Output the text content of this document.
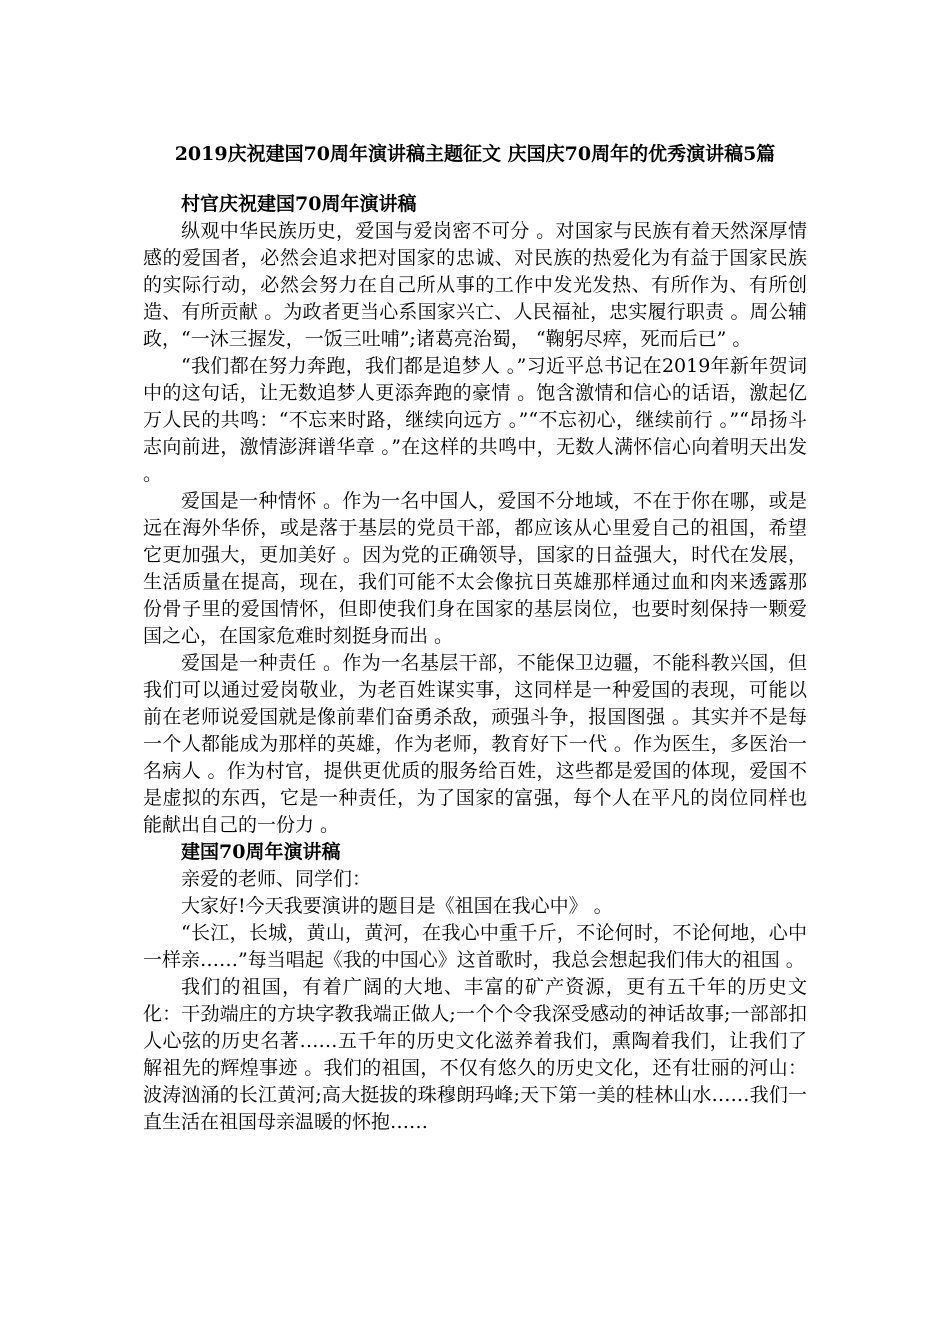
2019庆祝建国70周年演讲稿主题征文 庆国庆70周年的优秀演讲稿5篇
村官庆祝建国70周年演讲稿

纵观中华民族历史，爱国与爱岗密不可分 。对国家与民族有着天然深厚情感的爱国者，必然会追求把对国家的忠诚、对民族的热爱化为有益于国家民族的实际行动，必然会努力在自己所从事的工作中发光发热、有所作为、有所创造、有所贡献 。为政者更当心系国家兴亡、人民福祉，忠实履行职责 。周公辅政，“一沐三握发，一饭三吐哺”;诸葛亮治蜀， “鞠躬尽瘁，死而后已” 。

“我们都在努力奔跑，我们都是追梦人 。”习近平总书记在2019年新年贺词中的这句话，让无数追梦人更添奔跑的豪情 。饱含激情和信心的话语，激起亿万人民的共鸣：“不忘来时路，继续向远方 。”“不忘初心，继续前行 。”“昂扬斗志向前进，激情澎湃谱华章 。”在这样的共鸣中，无数人满怀信心向着明天出发 。

爱国是一种情怀 。作为一名中国人，爱国不分地域，不在于你在哪，或是远在海外华侨，或是落于基层的党员干部，都应该从心里爱自己的祖国，希望它更加强大，更加美好 。因为党的正确领导，国家的日益强大，时代在发展，生活质量在提高，现在，我们可能不太会像抗日英雄那样通过血和肉来透露那份骨子里的爱国情怀，但即使我们身在国家的基层岗位，也要时刻保持一颗爱国之心，在国家危难时刻挺身而出 。

爱国是一种责任 。作为一名基层干部，不能保卫边疆，不能科教兴国，但我们可以通过爱岗敬业，为老百姓谋实事，这同样是一种爱国的表现，可能以前在老师说爱国就是像前辈们奋勇杀敌，顽强斗争，报国图强 。其实并不是每一个人都能成为那样的英雄，作为老师，教育好下一代 。作为医生，多医治一名病人 。作为村官，提供更优质的服务给百姓，这些都是爱国的体现，爱国不是虚拟的东西，它是一种责任，为了国家的富强，每个人在平凡的岗位同样也能献出自己的一份力 。

建国70周年演讲稿

亲爱的老师、同学们：

大家好!今天我要演讲的题目是《祖国在我心中》 。

“长江，长城，黄山，黄河，在我心中重千斤，不论何时，不论何地，心中一样亲……”每当唱起《我的中国心》这首歌时，我总会想起我们伟大的祖国 。

我们的祖国，有着广阔的大地、丰富的矿产资源，更有五千年的历史文化：干劲端庄的方块字教我端正做人;一个个令我深受感动的神话故事;一部部扣人心弦的历史名著……五千年的历史文化滋养着我们，熏陶着我们，让我们了解祖先的辉煌事迹 。我们的祖国，不仅有悠久的历史文化，还有壮丽的河山：波涛汹涌的长江黄河;高大挺拔的珠穆朗玛峰;天下第一美的桂林山水……我们一直生活在祖国母亲温暖的怀抱……
